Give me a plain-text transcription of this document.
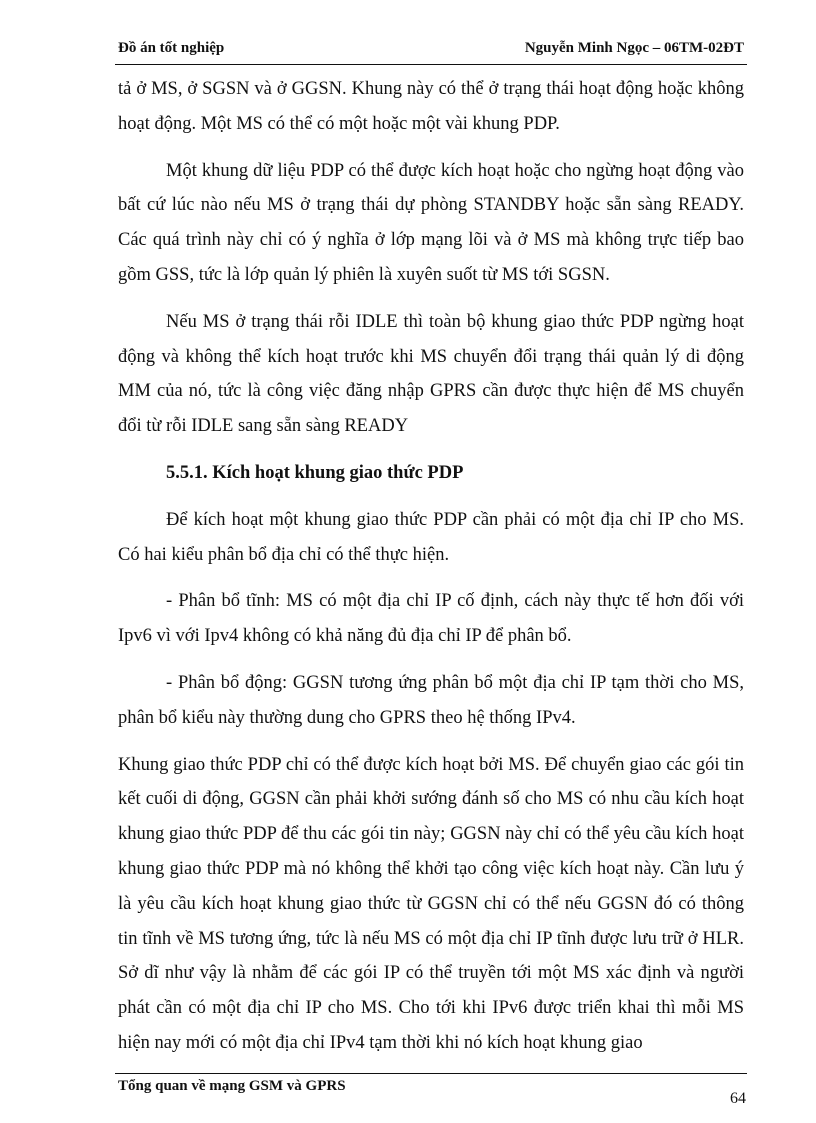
Đồ án tốt nghiệp	Nguyễn Minh Ngọc – 06TM-02ĐT

tả ở MS, ở SGSN và ở GGSN. Khung này có thể ở trạng thái hoạt động hoặc không hoạt động. Một MS có thể có một hoặc một vài khung PDP.

Một khung dữ liệu PDP có thể được kích hoạt hoặc cho ngừng hoạt động vào bất cứ lúc nào nếu MS ở trạng thái dự phòng STANDBY hoặc sẵn sàng READY. Các quá trình này chỉ có ý nghĩa ở lớp mạng lõi và ở MS mà không trực tiếp bao gồm GSS, tức là lớp quản lý phiên là xuyên suốt từ MS tới SGSN.

Nếu MS ở trạng thái rỗi IDLE thì toàn bộ khung giao thức PDP ngừng hoạt động và không thể kích hoạt trước khi MS chuyển đổi trạng thái quản lý di động MM của nó, tức là công việc đăng nhập GPRS cần được thực hiện để MS chuyển đổi từ rỗi IDLE sang sẵn sàng READY

5.5.1. Kích hoạt khung giao thức PDP

Để kích hoạt một khung giao thức PDP cần phải có một địa chỉ IP cho MS. Có hai kiểu phân bổ địa chỉ có thể thực hiện.

- Phân bổ tĩnh: MS có một địa chỉ IP cố định, cách này thực tế hơn đối với Ipv6 vì với Ipv4 không có khả năng đủ địa chỉ IP để phân bổ.

- Phân bổ động: GGSN tương ứng phân bổ một địa chỉ IP tạm thời cho MS, phân bổ kiểu này thường dung cho GPRS theo hệ thống IPv4.

Khung giao thức PDP chỉ có thể được kích hoạt bởi MS. Để chuyển giao các gói tin kết cuối di động, GGSN cần phải khởi sướng đánh số cho MS có nhu cầu kích hoạt khung giao thức PDP để thu các gói tin này; GGSN này chỉ có thể yêu cầu kích hoạt khung giao thức PDP mà nó không thể khởi tạo công việc kích hoạt này. Cần lưu ý là yêu cầu kích hoạt khung giao thức từ GGSN chỉ có thể nếu GGSN đó có thông tin tĩnh về MS tương ứng, tức là nếu MS có một địa chỉ IP tĩnh được lưu trữ ở HLR. Sở dĩ như vậy là nhằm để các gói IP có thể truyền tới một MS xác định và người phát cần có một địa chỉ IP cho MS. Cho tới khi IPv6 được triển khai thì mỗi MS hiện nay mới có một địa chỉ IPv4 tạm thời khi nó kích hoạt khung giao

Tổng quan về mạng GSM và GPRS
64
